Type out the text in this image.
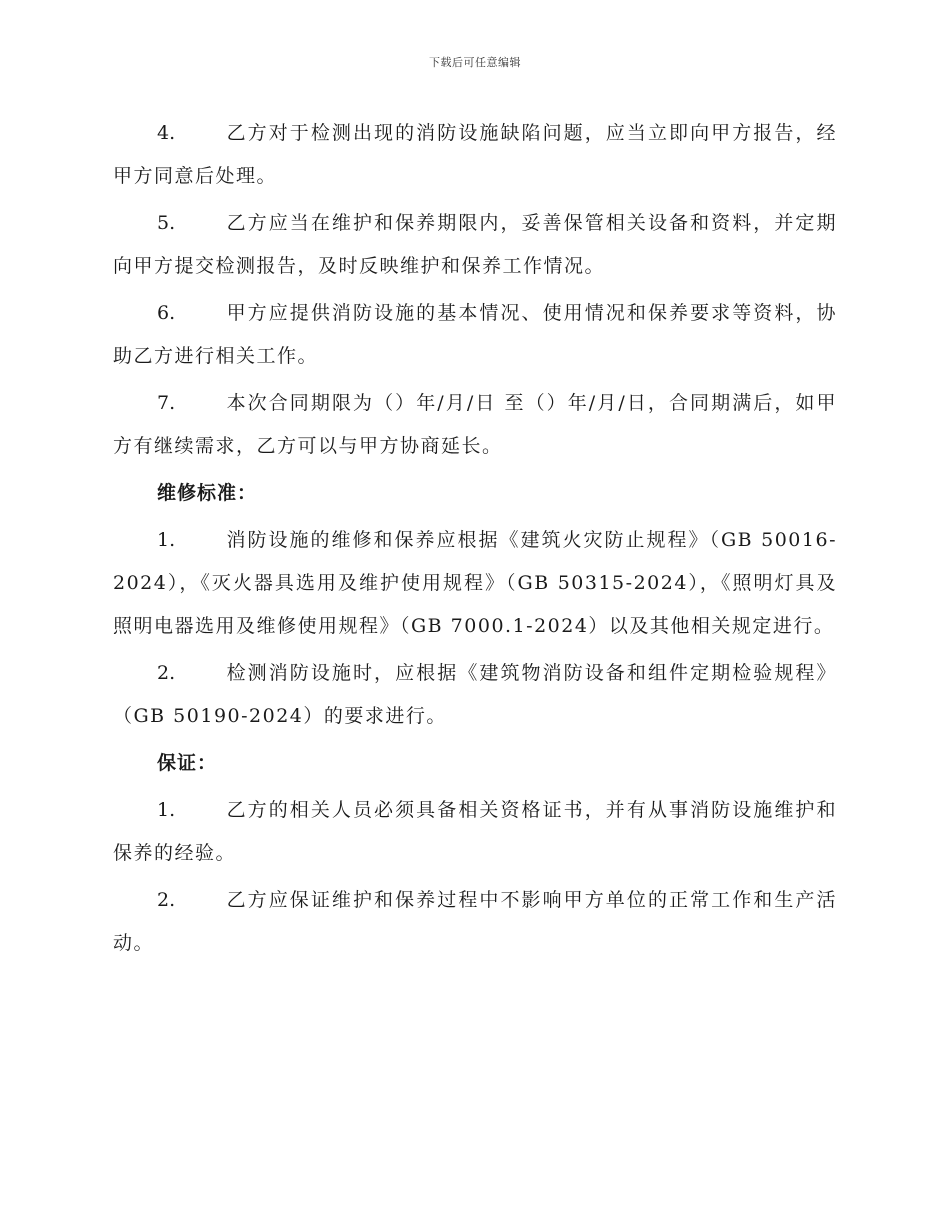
下载后可任意编辑

4.	乙方对于检测出现的消防设施缺陷问题，应当立即向甲方报告，经甲方同意后处理。

5.	乙方应当在维护和保养期限内，妥善保管相关设备和资料，并定期向甲方提交检测报告，及时反映维护和保养工作情况。

6.	甲方应提供消防设施的基本情况、使用情况和保养要求等资料，协助乙方进行相关工作。

7.	本次合同期限为（）年/月/日 至（）年/月/日，合同期满后，如甲方有继续需求，乙方可以与甲方协商延长。

维修标准：

1.	消防设施的维修和保养应根据《建筑火灾防止规程》（GB 50016-2024），《灭火器具选用及维护使用规程》（GB 50315-2024），《照明灯具及照明电器选用及维修使用规程》（GB 7000.1-2024）以及其他相关规定进行。

2.	检测消防设施时，应根据《建筑物消防设备和组件定期检验规程》（GB 50190-2024）的要求进行。

保证：

1.	乙方的相关人员必须具备相关资格证书，并有从事消防设施维护和保养的经验。

2.	乙方应保证维护和保养过程中不影响甲方单位的正常工作和生产活动。
